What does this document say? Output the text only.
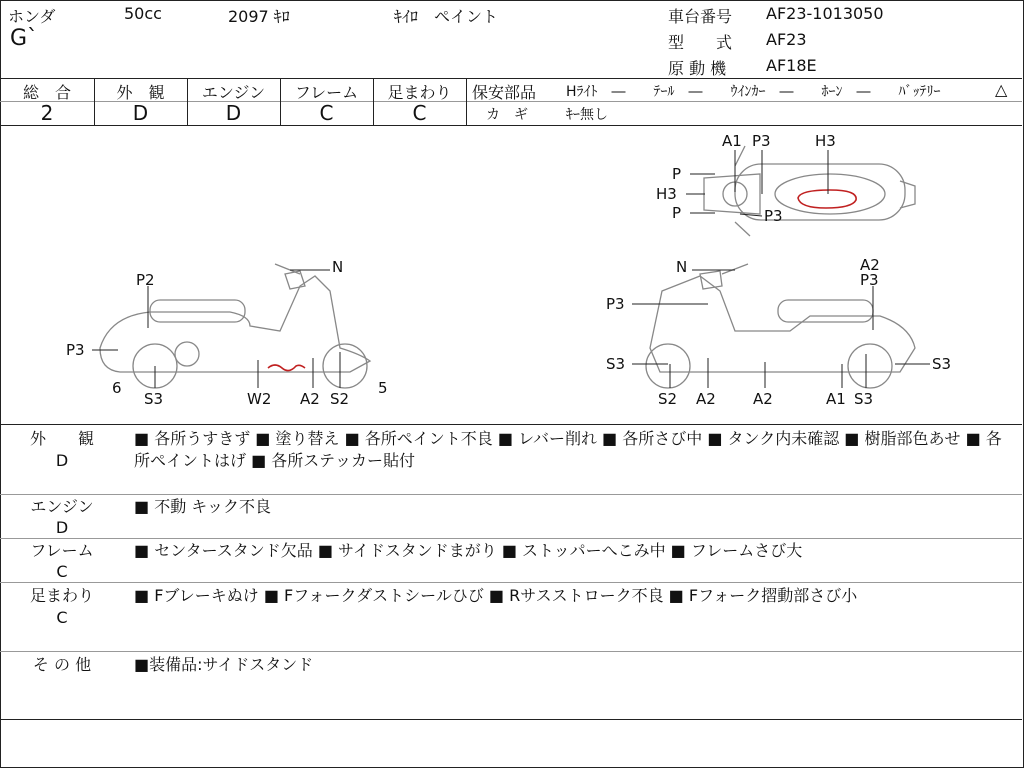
ホンダ	50cc	2097 ｷﾛ	ｷｲﾛ　ペイント
G`
車台番号 AF23-1013050
型　　式 AF23
原 動 機 AF18E
総　合	外　観	エンジン	フレーム	足まわり
2	D	D	C	C
保安部品 Hﾗｲﾄ　―　　ﾃｰﾙ　―　　ｳｲﾝｶｰ　―　　ﾎｰﾝ　―　　ﾊﾞｯﾃﾘｰ	△
カ　ギ	ｷｰ無し
A1 P3	H3
P
H3
P	P3
N
P2
P3
6
S3	W2 A2 S2
5
N	A2
P3
P3
S3	S3
S2 A2 A2	A1 S3
外　　観
D
■ 各所うすきず ■ 塗り替え ■ 各所ペイント不良 ■ レバー削れ ■ 各所さび中 ■ タンク内未確認 ■ 樹脂部色あせ ■ 各所ペイントはげ ■ 各所ステッカー貼付
エンジン
D
■ 不動 キック不良
フレーム
C
■ センタースタンド欠品 ■ サイドスタンドまがり ■ ストッパーへこみ中 ■ フレームさび大
足まわり
C
■ Fブレーキぬけ ■ Fフォークダストシールひび ■ Rサスストローク不良 ■ Fフォーク摺動部さび小
そ の 他	■装備品:サイドスタンド
